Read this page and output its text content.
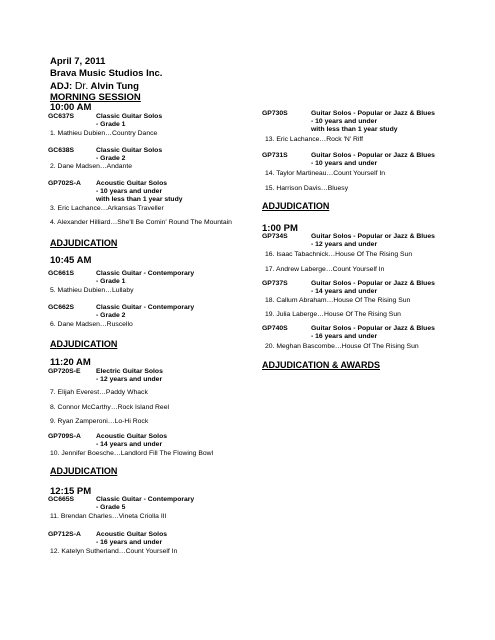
April 7, 2011
Brava Music Studios Inc.
ADJ: Dr. Alvin Tung
MORNING SESSION
10:00 AM
GC637S	Classic Guitar Solos
- Grade 1
1. Mathieu Dubien…Country Dance
GC638S	Classic Guitar Solos
- Grade 2
2. Dane Madsen…Andante
GP702S-A Acoustic Guitar Solos
- 10 years and under
with less than 1 year study
3. Eric Lachance…Arkansas Traveller
4. Alexander Hilliard…She'll Be Comin' Round The Mountain
ADJUDICATION
10:45 AM
GC661S	Classic Guitar - Contemporary
- Grade 1
5. Mathieu Dubien…Lullaby
GC662S	Classic Guitar - Contemporary
- Grade 2
6. Dane Madsen…Ruscello
ADJUDICATION
11:20 AM
GP720S-E Electric Guitar Solos
- 12 years and under
7. Elijah Everest…Paddy Whack
8. Connor McCarthy…Rock Island Reel
9. Ryan Zamperoni…Lo-Hi Rock
GP709S-A Acoustic Guitar Solos
- 14 years and under
10. Jennifer Boesche…Landlord Fill The Flowing Bowl
ADJUDICATION
12:15 PM
GC665S	Classic Guitar - Contemporary
- Grade 5
11. Brendan Charles…Vineta Criolla III
GP712S-A Acoustic Guitar Solos
- 16 years and under
12. Katelyn Sutherland…Count Yourself In
GP730S	Guitar Solos - Popular or Jazz & Blues
- 10 years and under
with less than 1 year study
13. Eric Lachance…Rock 'N' Riff
GP731S	Guitar Solos - Popular or Jazz & Blues
- 10 years and under
14. Taylor Martineau…Count Yourself In
15. Harrison Davis…Bluesy
ADJUDICATION
1:00 PM
GP734S	Guitar Solos - Popular or Jazz & Blues
- 12 years and under
16. Isaac Tabachnick…House Of The Rising Sun
17. Andrew Laberge…Count Yourself In
GP737S	Guitar Solos - Popular or Jazz & Blues
- 14 years and under
18. Callum Abraham…House Of The Rising Sun
19. Julia Laberge…House Of The Rising Sun
GP740S	Guitar Solos - Popular or Jazz & Blues
- 16 years and under
20. Meghan Bascombe…House Of The Rising Sun
ADJUDICATION & AWARDS
